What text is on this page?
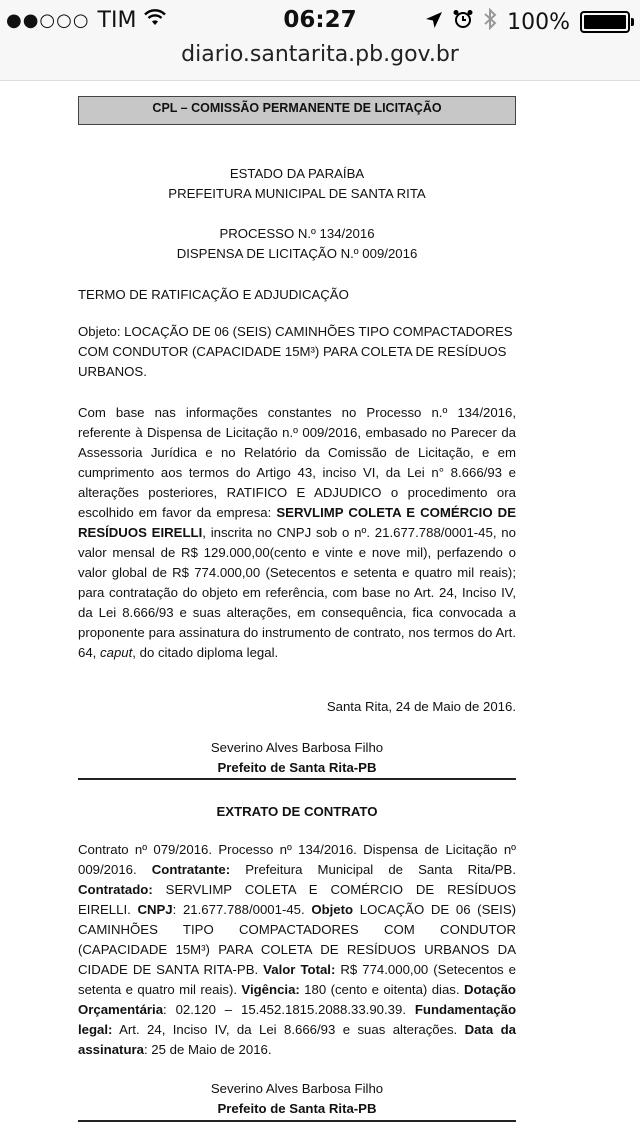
●●○○○ TIM	06:27	100%
diario.santarita.pb.gov.br
CPL – COMISSÃO PERMANENTE DE LICITAÇÃO
ESTADO DA PARAÍBA
PREFEITURA MUNICIPAL DE SANTA RITA
PROCESSO N.º 134/2016
DISPENSA DE LICITAÇÃO N.º 009/2016
TERMO DE RATIFICAÇÃO E ADJUDICAÇÃO
Objeto: LOCAÇÃO DE 06 (SEIS) CAMINHÕES TIPO COMPACTADORES COM CONDUTOR (CAPACIDADE 15M³) PARA COLETA DE RESÍDUOS URBANOS.
Com base nas informações constantes no Processo n.º 134/2016, referente à Dispensa de Licitação n.º 009/2016, embasado no Parecer da Assessoria Jurídica e no Relatório da Comissão de Licitação, e em cumprimento aos termos do Artigo 43, inciso VI, da Lei n° 8.666/93 e alterações posteriores, RATIFICO E ADJUDICO o procedimento ora escolhido em favor da empresa: SERVLIMP COLETA E COMÉRCIO DE RESÍDUOS EIRELLI, inscrita no CNPJ sob o nº. 21.677.788/0001-45, no valor mensal de R$ 129.000,00(cento e vinte e nove mil), perfazendo o valor global de R$ 774.000,00 (Setecentos e setenta e quatro mil reais); para contratação do objeto em referência, com base no Art. 24, Inciso IV, da Lei 8.666/93 e suas alterações, em consequência, fica convocada a proponente para assinatura do instrumento de contrato, nos termos do Art. 64, caput, do citado diploma legal.
Santa Rita, 24 de Maio de 2016.
Severino Alves Barbosa Filho
Prefeito de Santa Rita-PB
EXTRATO DE CONTRATO
Contrato nº 079/2016. Processo nº 134/2016. Dispensa de Licitação nº 009/2016. Contratante: Prefeitura Municipal de Santa Rita/PB. Contratado: SERVLIMP COLETA E COMÉRCIO DE RESÍDUOS EIRELLI. CNPJ: 21.677.788/0001-45. Objeto LOCAÇÃO DE 06 (SEIS) CAMINHÕES TIPO COMPACTADORES COM CONDUTOR (CAPACIDADE 15M³) PARA COLETA DE RESÍDUOS URBANOS DA CIDADE DE SANTA RITA-PB. Valor Total: R$ 774.000,00 (Setecentos e setenta e quatro mil reais). Vigência: 180 (cento e oitenta) dias. Dotação Orçamentária: 02.120 – 15.452.1815.2088.33.90.39. Fundamentação legal: Art. 24, Inciso IV, da Lei 8.666/93 e suas alterações. Data da assinatura: 25 de Maio de 2016.
Severino Alves Barbosa Filho
Prefeito de Santa Rita-PB
